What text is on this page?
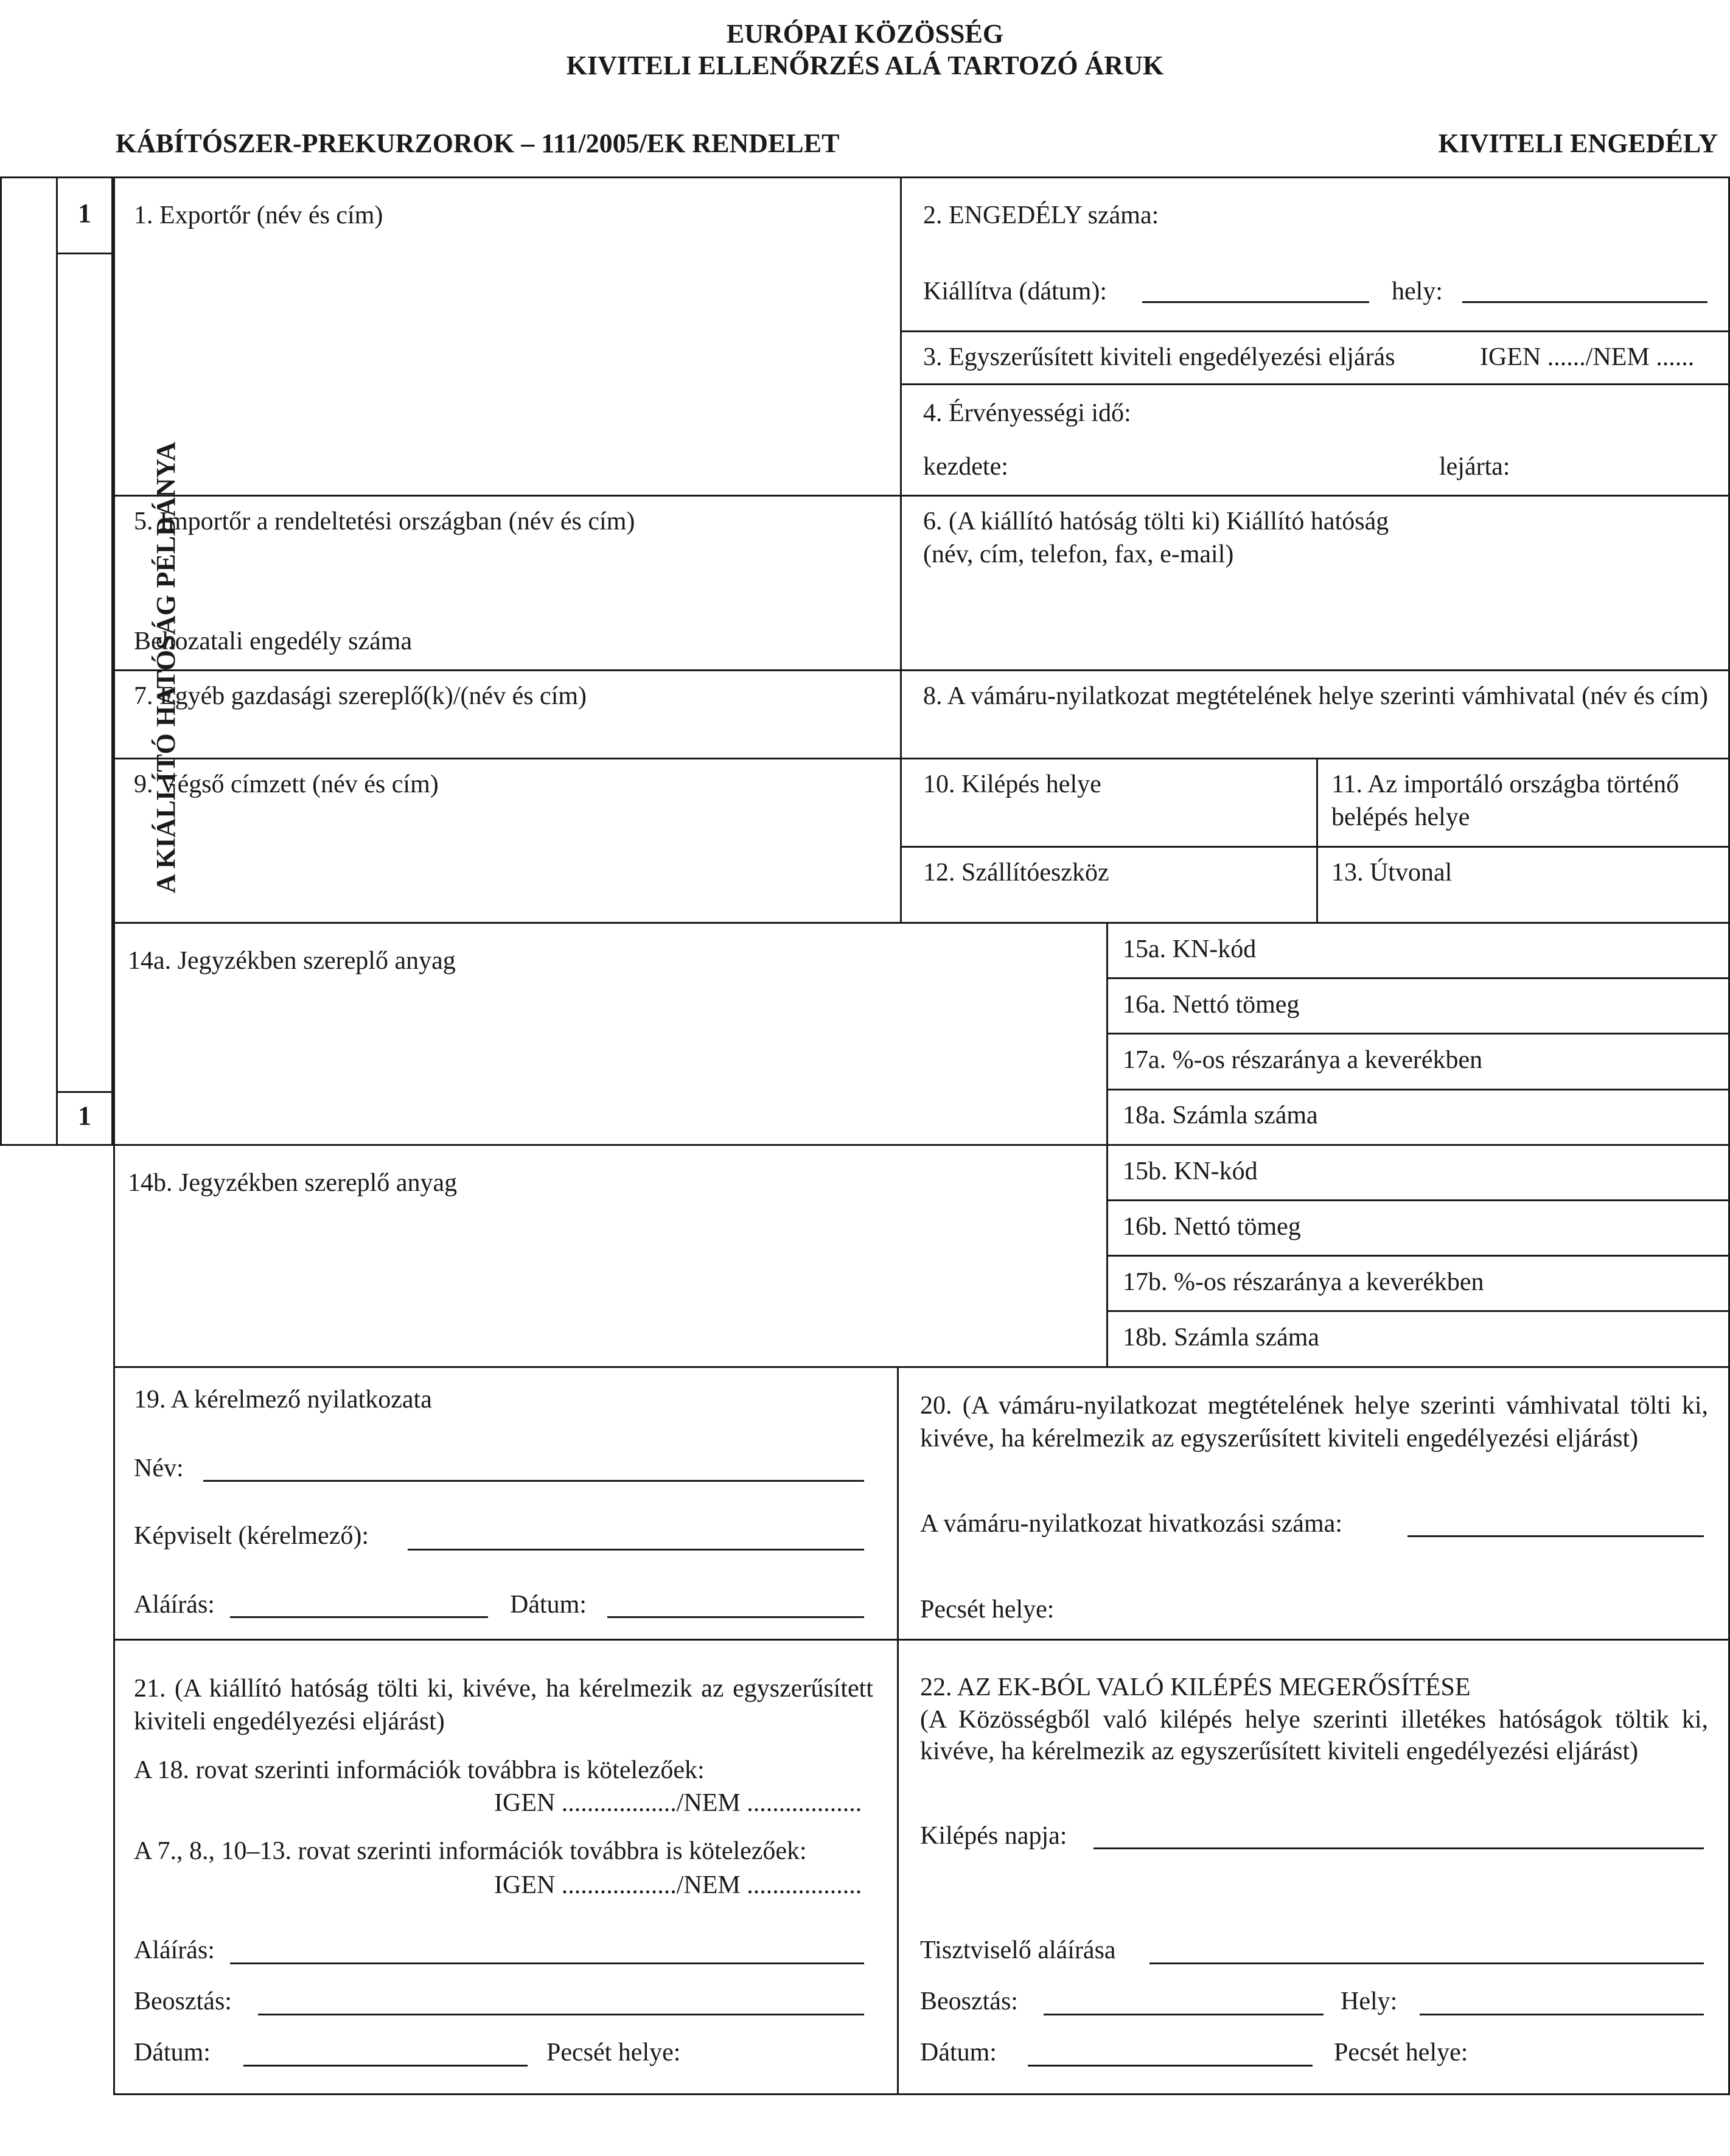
EURÓPAI KÖZÖSSÉG
KIVITELI ELLENŐRZÉS ALÁ TARTOZÓ ÁRUK
KÁBÍTÓSZER-PREKURZOROK – 111/2005/EK RENDELET	KIVITELI ENGEDÉLY
1
1
A KIÁLLÍTÓ HATÓSÁG PÉLDÁNYA
1. Exportőr (név és cím)	2. ENGEDÉLY száma:
Kiállítva (dátum):	hely:
3. Egyszerűsített kiviteli engedélyezési eljárás	IGEN ....../NEM ......
4. Érvényességi idő:
kezdete:	lejárta:
5. Importőr a rendeltetési országban (név és cím)
Behozatali engedély száma
6. (A kiállító hatóság tölti ki) Kiállító hatóság
(név, cím, telefon, fax, e-mail)
7. Egyéb gazdasági szereplő(k)/(név és cím)	8. A vámáru-nyilatkozat megtételének helye szerinti vámhivatal (név és cím)
9. Végső címzett (név és cím)	10. Kilépés helye	11. Az importáló országba történő belépés helye
12. Szállítóeszköz	13. Útvonal
14a. Jegyzékben szereplő anyag	15a. KN-kód
16a. Nettó tömeg
17a. %-os részaránya a keverékben
18a. Számla száma
14b. Jegyzékben szereplő anyag	15b. KN-kód
16b. Nettó tömeg
17b. %-os részaránya a keverékben
18b. Számla száma
19. A kérelmező nyilatkozata
Név:
Képviselt (kérelmező):
Aláírás:	Dátum:
20. (A vámáru-nyilatkozat megtételének helye szerinti vámhivatal tölti ki, kivéve, ha kérelmezik az egyszerűsített kiviteli engedélyezési eljárást)
A vámáru-nyilatkozat hivatkozási száma:
Pecsét helye:
21. (A kiállító hatóság tölti ki, kivéve, ha kérelmezik az egyszerűsített kiviteli engedélyezési eljárást)
A 18. rovat szerinti információk továbbra is kötelezőek:
IGEN ................../NEM ..................
A 7., 8., 10–13. rovat szerinti információk továbbra is kötelezőek:
IGEN ................../NEM ..................
Aláírás:
Beosztás:
Dátum:	Pecsét helye:
22. AZ EK-BÓL VALÓ KILÉPÉS MEGERŐSÍTÉSE
(A Közösségből való kilépés helye szerinti illetékes hatóságok töltik ki, kivéve, ha kérelmezik az egyszerűsített kiviteli engedélyezési eljárást)
Kilépés napja:
Tisztviselő aláírása
Beosztás:	Hely:
Dátum:	Pecsét helye:
